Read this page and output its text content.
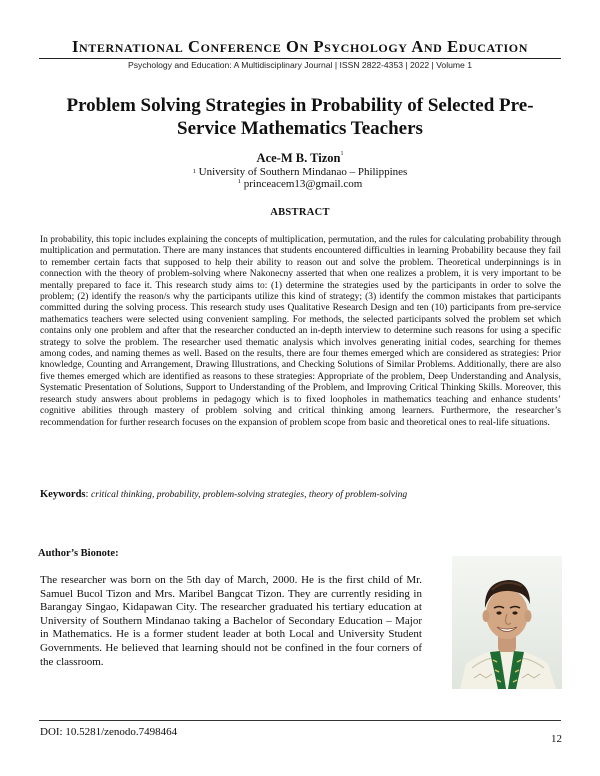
International Conference On Psychology And Education
Psychology and Education: A Multidisciplinary Journal | ISSN 2822-4353 | 2022 | Volume 1
Problem Solving Strategies in Probability of Selected Pre-Service Mathematics Teachers
Ace-M B. Tizon$^1$
$^1$ University of Southern Mindanao – Philippines
$^1$ princeacem13@gmail.com
ABSTRACT
In probability, this topic includes explaining the concepts of multiplication, permutation, and the rules for calculating probability through multiplication and permutation. There are many instances that students encountered difficulties in learning Probability because they fail to remember certain facts that supposed to help their ability to reason out and solve the problem. Theoretical underpinnings is in connection with the theory of problem-solving where Nakonecny asserted that when one realizes a problem, it is very important to be mentally prepared to face it. This research study aims to: (1) determine the strategies used by the participants in order to solve the problem; (2) identify the reason/s why the participants utilize this kind of strategy; (3) identify the common mistakes that participants committed during the solving process. This research study uses Qualitative Research Design and ten (10) participants from pre-service mathematics teachers were selected using convenient sampling. For methods, the selected participants solved the problem set which contains only one problem and after that the researcher conducted an in-depth interview to determine such reasons for using a specific strategy to solve the problem. The researcher used thematic analysis which involves generating initial codes, searching for themes among codes, and naming themes as well. Based on the results, there are four themes emerged which are considered as strategies: Prior knowledge, Counting and Arrangement, Drawing Illustrations, and Checking Solutions of Similar Problems. Additionally, there are also five themes emerged which are identified as reasons to these strategies: Appropriate of the problem, Deep Understanding and Analysis, Systematic Presentation of Solutions, Support to Understanding of the Problem, and Improving Critical Thinking Skills. Moreover, this research study answers about problems in pedagogy which is to fixed loopholes in mathematics teaching and enhance students’ cognitive abilities through mastery of problem solving and critical thinking among learners. Furthermore, the researcher’s recommendation for further research focuses on the expansion of problem scope from basic and theoretical ones to real-life situations.
Keywords: critical thinking, probability, problem-solving strategies, theory of problem-solving
Author’s Bionote:
The researcher was born on the 5th day of March, 2000. He is the first child of Mr. Samuel Bucol Tizon and Mrs. Maribel Bangcat Tizon. They are currently residing in Barangay Singao, Kidapawan City. The researcher graduated his tertiary education at University of Southern Mindanao taking a Bachelor of Secondary Education – Major in Mathematics. He is a former student leader at both Local and University Student Governments. He believed that learning should not be confined in the four corners of the classroom.
DOI: 10.5281/zenodo.7498464
12
